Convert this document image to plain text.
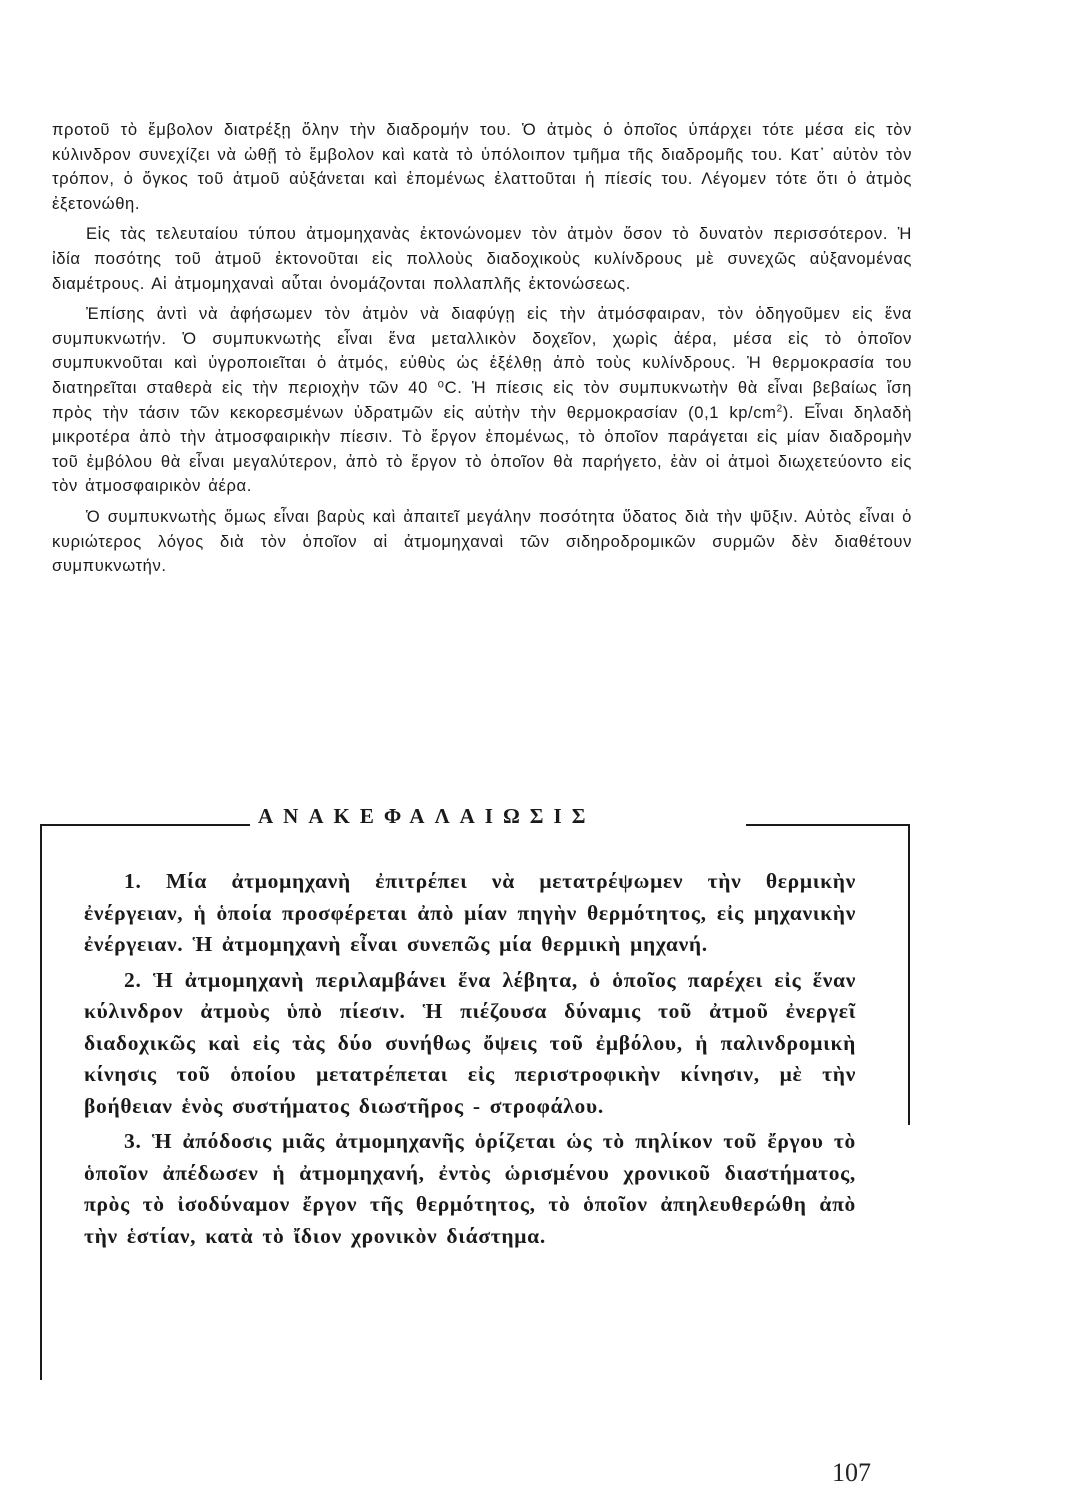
προτοῦ τὸ ἔμβολον διατρέξῃ ὅλην τὴν διαδρομήν του. Ὁ ἀτμὸς ὁ ὁποῖος ὑπάρχει τότε μέσα εἰς τὸν κύλινδρον συνεχίζει νὰ ὠθῇ τὸ ἔμβολον καὶ κατὰ τὸ ὑπόλοιπον τμῆμα τῆς διαδρομῆς του. Κατ᾽ αὐτὸν τὸν τρόπον, ὁ ὄγκος τοῦ ἀτμοῦ αὐξάνεται καὶ ἑπομένως ἐλαττοῦται ἡ πίεσίς του. Λέγομεν τότε ὅτι ὁ ἀτμὸς ἐξετονώθη.

Εἰς τὰς τελευταίου τύπου ἀτμομηχανὰς ἐκτονώνομεν τὸν ἀτμὸν ὅσον τὸ δυνατὸν περισσότερον. Ἡ ἰδία ποσότης τοῦ ἀτμοῦ ἐκτονοῦται εἰς πολλοὺς διαδοχικοὺς κυλίνδρους μὲ συνεχῶς αὐξανομένας διαμέτρους. Αἱ ἀτμομηχαναὶ αὗται ὀνομάζονται πολλαπλῆς ἐκτονώσεως.

Ἐπίσης ἀντὶ νὰ ἀφήσωμεν τὸν ἀτμὸν νὰ διαφύγῃ εἰς τὴν ἀτμόσφαιραν, τὸν ὁδηγοῦμεν εἰς ἕνα συμπυκνωτήν. Ὁ συμπυκνωτὴς εἶναι ἕνα μεταλλικὸν δοχεῖον, χωρὶς ἀέρα, μέσα εἰς τὸ ὁποῖον συμπυκνοῦται καὶ ὑγροποιεῖται ὁ ἀτμός, εὐθὺς ὡς ἐξέλθῃ ἀπὸ τοὺς κυλίνδρους. Ἡ θερμοκρασία του διατηρεῖται σταθερὰ εἰς τὴν περιοχὴν τῶν 40 ⁰C. Ἡ πίεσις εἰς τὸν συμπυκνωτὴν θὰ εἶναι βεβαίως ἴση πρὸς τὴν τάσιν τῶν κεκορεσμένων ὑδρατμῶν εἰς αὐτὴν τὴν θερμοκρασίαν (0,1 $kp/cm^2$). Εἶναι δηλαδὴ μικροτέρα ἀπὸ τὴν ἀτμοσφαιρικὴν πίεσιν. Τὸ ἔργον ἑπομένως, τὸ ὁποῖον παράγεται εἰς μίαν διαδρομὴν τοῦ ἐμβόλου θὰ εἶναι μεγαλύτερον, ἀπὸ τὸ ἔργον τὸ ὁποῖον θὰ παρήγετο, ἐὰν οἱ ἀτμοὶ διωχετεύοντο εἰς τὸν ἀτμοσφαιρικὸν ἀέρα.

Ὁ συμπυκνωτὴς ὅμως εἶναι βαρὺς καὶ ἀπαιτεῖ μεγάλην ποσότητα ὕδατος διὰ τὴν ψῦξιν. Αὐτὸς εἶναι ὁ κυριώτερος λόγος διὰ τὸν ὁποῖον αἱ ἀτμομηχαναὶ τῶν σιδηροδρομικῶν συρμῶν δὲν διαθέτουν συμπυκνωτήν.

ΑΝΑΚΕΦΑΛΑΙΩΣΙΣ

1. Μία ἀτμομηχανὴ ἐπιτρέπει νὰ μετατρέψωμεν τὴν θερμικὴν ἐνέργειαν, ἡ ὁποία προσφέρεται ἀπὸ μίαν πηγὴν θερμότητος, εἰς μηχανικὴν ἐνέργειαν. Ἡ ἀτμομηχανὴ εἶναι συνεπῶς μία θερμικὴ μηχανή.

2. Ἡ ἀτμομηχανὴ περιλαμβάνει ἕνα λέβητα, ὁ ὁποῖος παρέχει εἰς ἕναν κύλινδρον ἀτμοὺς ὑπὸ πίεσιν. Ἡ πιέζουσα δύναμις τοῦ ἀτμοῦ ἐνεργεῖ διαδοχικῶς καὶ εἰς τὰς δύο συνήθως ὄψεις τοῦ ἐμβόλου, ἡ παλινδρομικὴ κίνησις τοῦ ὁποίου μετατρέπεται εἰς περιστροφικὴν κίνησιν, μὲ τὴν βοήθειαν ἑνὸς συστήματος διωστῆρος - στροφάλου.

3. Ἡ ἀπόδοσις μιᾶς ἀτμομηχανῆς ὁρίζεται ὡς τὸ πηλίκον τοῦ ἔργου τὸ ὁποῖον ἀπέδωσεν ἡ ἀτμομηχανή, ἐντὸς ὡρισμένου χρονικοῦ διαστήματος, πρὸς τὸ ἰσοδύναμον ἔργον τῆς θερμότητος, τὸ ὁποῖον ἀπηλευθερώθη ἀπὸ τὴν ἑστίαν, κατὰ τὸ ἴδιον χρονικὸν διάστημα.

107
